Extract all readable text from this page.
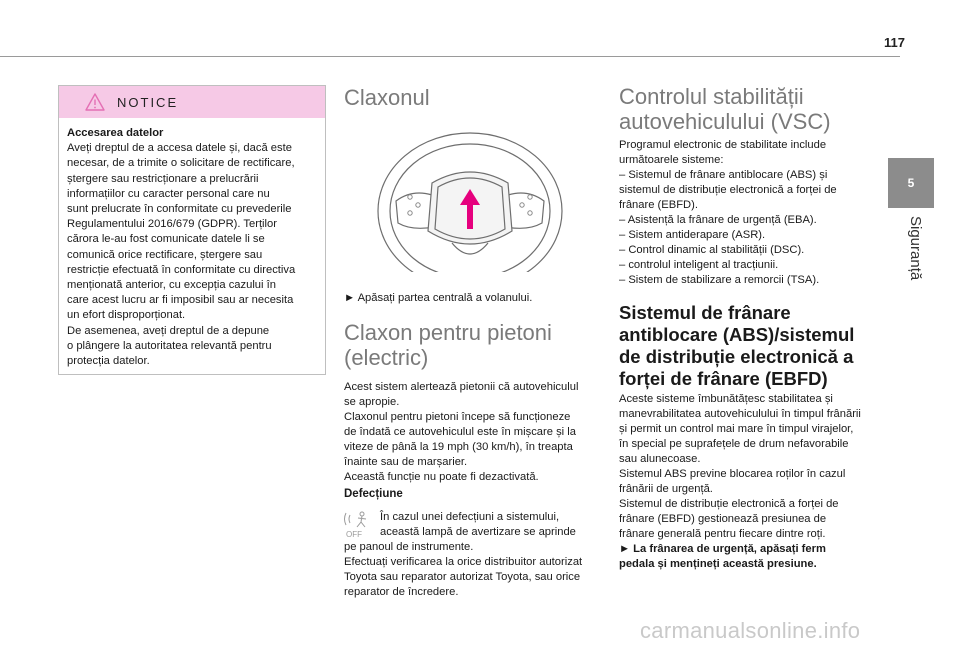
117
5
Siguranță
NOTICE
Accesarea datelor
Aveți dreptul de a accesa datele și, dacă este
necesar, de a trimite o solicitare de rectificare,
ștergere sau restricționare a prelucrării
informațiilor cu caracter personal care nu
sunt prelucrate în conformitate cu prevederile
Regulamentului 2016/679 (GDPR). Terților
cărora le-au fost comunicate datele li se
comunică orice rectificare, ștergere sau
restricție efectuată în conformitate cu directiva
menționată anterior, cu excepția cazului în
care acest lucru ar fi imposibil sau ar necesita
un efort disproporționat.
De asemenea, aveți dreptul de a depune
o plângere la autoritatea relevantă pentru
protecția datelor.
Claxonul
► Apăsați partea centrală a volanului.
Claxon pentru pietoni
(electric)
Acest sistem alertează pietonii că autovehiculul
se apropie.
Claxonul pentru pietoni începe să funcționeze
de îndată ce autovehiculul este în mișcare și la
viteze de până la 19 mph (30 km/h), în treapta
înainte sau de marșarier.
Această funcție nu poate fi dezactivată.
Defecțiune
OFF
În cazul unei defecțiuni a sistemului,
această lampă de avertizare se aprinde
pe panoul de instrumente.
Efectuați verificarea la orice distribuitor autorizat
Toyota sau reparator autorizat Toyota, sau orice
reparator de încredere.
Controlul stabilității
autovehiculului (VSC)
Programul electronic de stabilitate include
următoarele sisteme:
– Sistemul de frânare antiblocare (ABS) și
sistemul de distribuție electronică a forței de
frânare (EBFD).
– Asistență la frânare de urgență (EBA).
– Sistem antiderapare (ASR).
– Control dinamic al stabilității (DSC).
– controlul inteligent al tracțiunii.
– Sistem de stabilizare a remorcii (TSA).
Sistemul de frânare
antiblocare (ABS)/sistemul
de distribuție electronică a
forței de frânare (EBFD)
Aceste sisteme îmbunătățesc stabilitatea și
manevrabilitatea autovehiculului în timpul frânării
și permit un control mai mare în timpul virajelor,
în special pe suprafețele de drum nefavorabile
sau alunecoase.
Sistemul ABS previne blocarea roților în cazul
frânării de urgență.
Sistemul de distribuție electronică a forței de
frânare (EBFD) gestionează presiunea de
frânare generală pentru fiecare dintre roți.
► La frânarea de urgență, apăsați ferm
pedala și mențineți această presiune.
carmanualsonline.info
